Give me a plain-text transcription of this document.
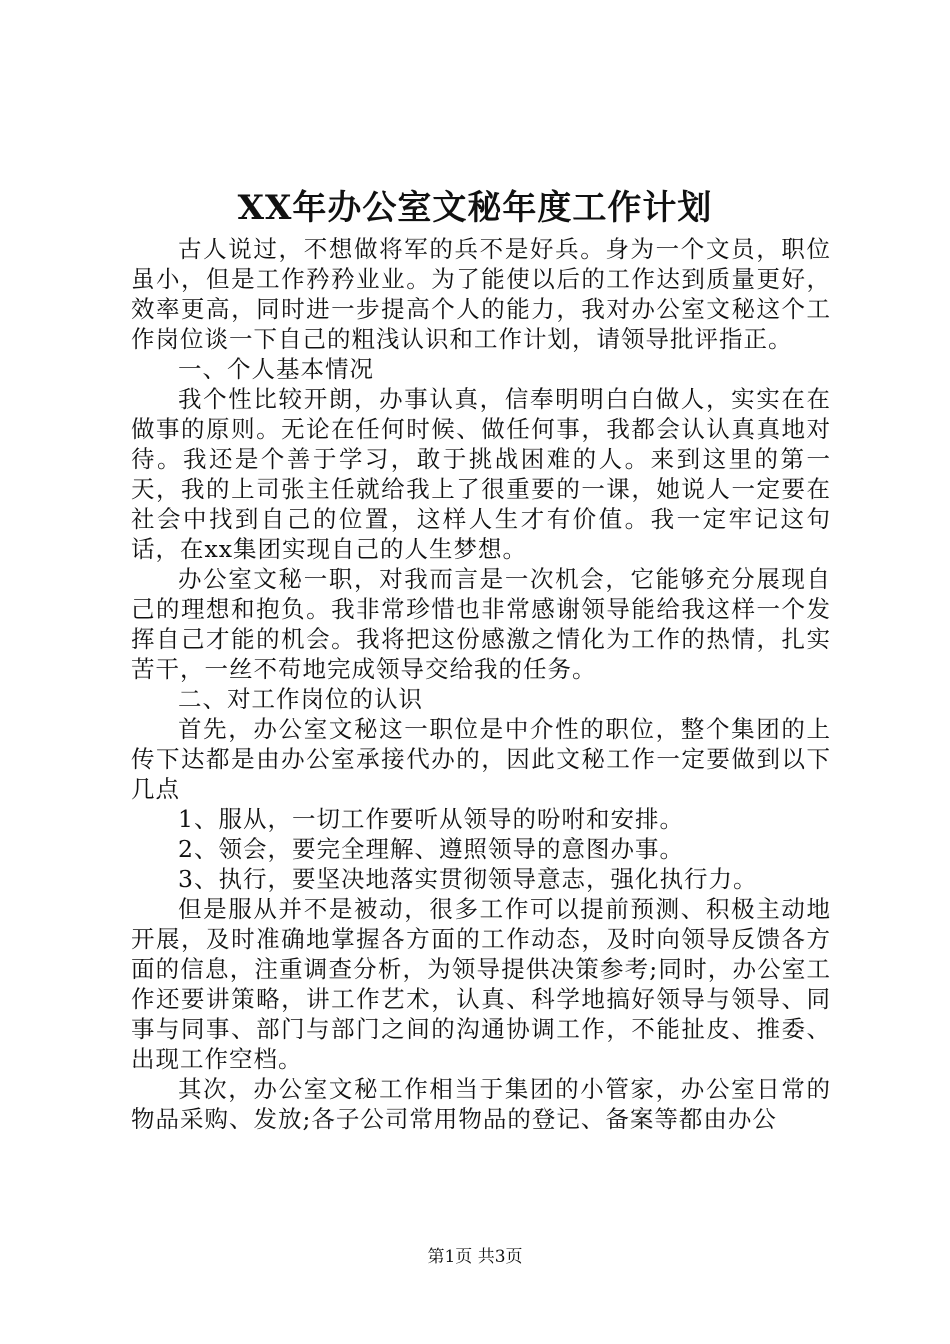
XX年办公室文秘年度工作计划

古人说过，不想做将军的兵不是好兵。身为一个文员，职位虽小，但是工作矜矜业业。为了能使以后的工作达到质量更好，效率更高，同时进一步提高个人的能力，我对办公室文秘这个工作岗位谈一下自己的粗浅认识和工作计划，请领导批评指正。

一、个人基本情况

我个性比较开朗，办事认真，信奉明明白白做人，实实在在做事的原则。无论在任何时候、做任何事，我都会认认真真地对待。我还是个善于学习，敢于挑战困难的人。来到这里的第一天，我的上司张主任就给我上了很重要的一课，她说人一定要在社会中找到自己的位置，这样人生才有价值。我一定牢记这句话，在xx集团实现自己的人生梦想。

办公室文秘一职，对我而言是一次机会，它能够充分展现自己的理想和抱负。我非常珍惜也非常感谢领导能给我这样一个发挥自己才能的机会。我将把这份感激之情化为工作的热情，扎实苦干，一丝不苟地完成领导交给我的任务。

二、对工作岗位的认识

首先，办公室文秘这一职位是中介性的职位，整个集团的上传下达都是由办公室承接代办的，因此文秘工作一定要做到以下几点

1、服从，一切工作要听从领导的吩咐和安排。

2、领会，要完全理解、遵照领导的意图办事。

3、执行，要坚决地落实贯彻领导意志，强化执行力。

但是服从并不是被动，很多工作可以提前预测、积极主动地开展，及时准确地掌握各方面的工作动态，及时向领导反馈各方面的信息，注重调查分析，为领导提供决策参考;同时，办公室工作还要讲策略，讲工作艺术，认真、科学地搞好领导与领导、同事与同事、部门与部门之间的沟通协调工作，不能扯皮、推委、出现工作空档。

其次，办公室文秘工作相当于集团的小管家，办公室日常的物品采购、发放;各子公司常用物品的登记、备案等都由办公

第1页 共3页
